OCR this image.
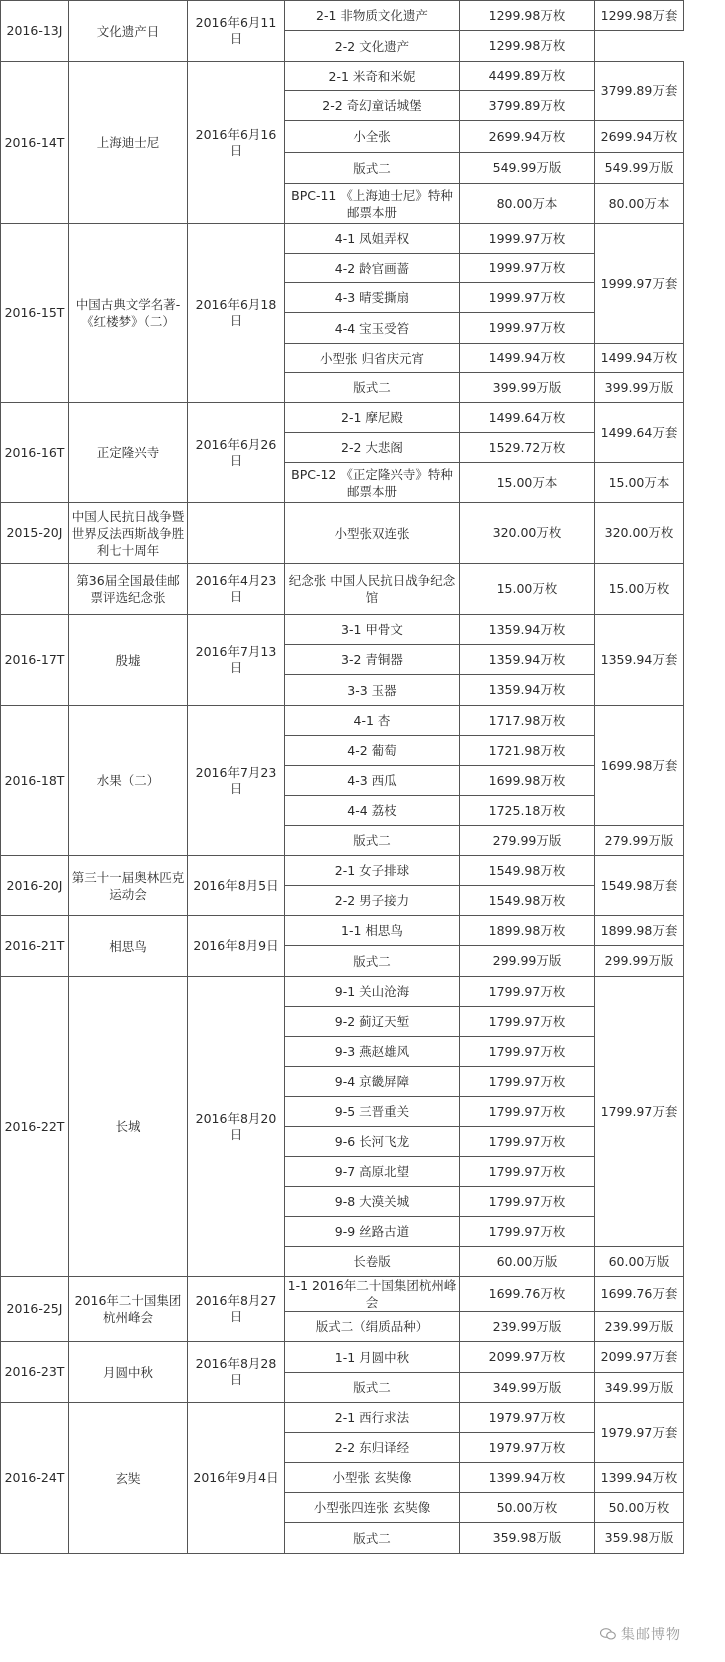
2016-13J	文化遗产日	2016年6月11日	2-1 非物质文化遗产	1299.98万枚	1299.98万套
			2-2 文化遗产	1299.98万枚	
2016-14T	上海迪士尼	2016年6月16日	2-1 米奇和米妮	4499.89万枚	3799.89万套
			2-2 奇幻童话城堡	3799.89万枚	
			小全张	2699.94万枚	2699.94万枚
			版式二	549.99万版	549.99万版
			BPC-11 《上海迪士尼》特种邮票本册	80.00万本	80.00万本
2016-15T	中国古典文学名著-《红楼梦》（二）	2016年6月18日	4-1 凤姐弄权	1999.97万枚	1999.97万套
			4-2 龄官画蔷	1999.97万枚	
			4-3 晴雯撕扇	1999.97万枚	
			4-4 宝玉受笞	1999.97万枚	
			小型张 归省庆元宵	1499.94万枚	1499.94万枚
			版式二	399.99万版	399.99万版
2016-16T	正定隆兴寺	2016年6月26日	2-1 摩尼殿	1499.64万枚	1499.64万套
			2-2 大悲阁	1529.72万枚	
			BPC-12 《正定隆兴寺》特种邮票本册	15.00万本	15.00万本
2015-20J	中国人民抗日战争暨世界反法西斯战争胜利七十周年		小型张双连张	320.00万枚	320.00万枚
	第36届全国最佳邮票评选纪念张	2016年4月23日	纪念张 中国人民抗日战争纪念馆	15.00万枚	15.00万枚
2016-17T	殷墟	2016年7月13日	3-1 甲骨文	1359.94万枚	1359.94万套
			3-2 青铜器	1359.94万枚	
			3-3 玉器	1359.94万枚	
2016-18T	水果（二）	2016年7月23日	4-1 杏	1717.98万枚	1699.98万套
			4-2 葡萄	1721.98万枚	
			4-3 西瓜	1699.98万枚	
			4-4 荔枝	1725.18万枚	
			版式二	279.99万版	279.99万版
2016-20J	第三十一届奥林匹克运动会	2016年8月5日	2-1 女子排球	1549.98万枚	1549.98万套
			2-2 男子接力	1549.98万枚	
2016-21T	相思鸟	2016年8月9日	1-1 相思鸟	1899.98万枚	1899.98万套
			版式二	299.99万版	299.99万版
2016-22T	长城	2016年8月20日	9-1 关山沧海	1799.97万枚	1799.97万套
			9-2 蓟辽天堑	1799.97万枚	
			9-3 燕赵雄风	1799.97万枚	
			9-4 京畿屏障	1799.97万枚	
			9-5 三晋重关	1799.97万枚	
			9-6 长河飞龙	1799.97万枚	
			9-7 高原北望	1799.97万枚	
			9-8 大漠关城	1799.97万枚	
			9-9 丝路古道	1799.97万枚	
			长卷版	60.00万版	60.00万版
2016-25J	2016年二十国集团杭州峰会	2016年8月27日	1-1 2016年二十国集团杭州峰会	1699.76万枚	1699.76万套
			版式二（绢质品种）	239.99万版	239.99万版
2016-23T	月圆中秋	2016年8月28日	1-1 月圆中秋	2099.97万枚	2099.97万套
			版式二	349.99万版	349.99万版
2016-24T	玄奘	2016年9月4日	2-1 西行求法	1979.97万枚	1979.97万套
			2-2 东归译经	1979.97万枚	
			小型张 玄奘像	1399.94万枚	1399.94万枚
			小型张四连张 玄奘像	50.00万枚	50.00万枚
			版式二	359.98万版	359.98万版
集邮博物
